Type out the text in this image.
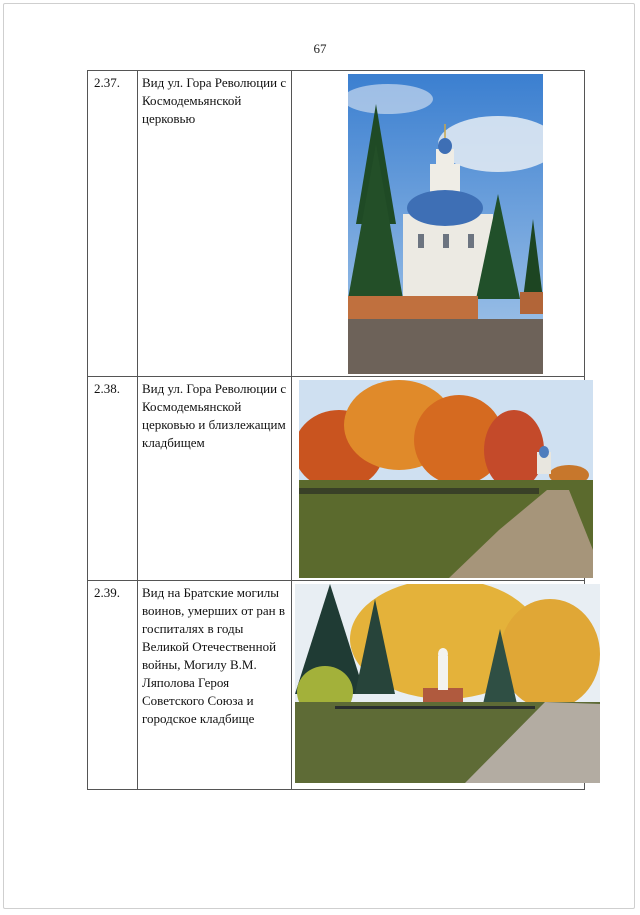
67
2.37.	Вид ул. Гора Революции с Космодемьянской церковью	

2.38.	Вид ул. Гора Революции с Космодемьянской церковью и близлежащим кладбищем	

2.39.	Вид на Братские могилы воинов, умерших от ран в госпиталях в годы Великой Отечественной войны, Могилу В.М. Ляполова Героя Советского Союза и городское кладбище	
